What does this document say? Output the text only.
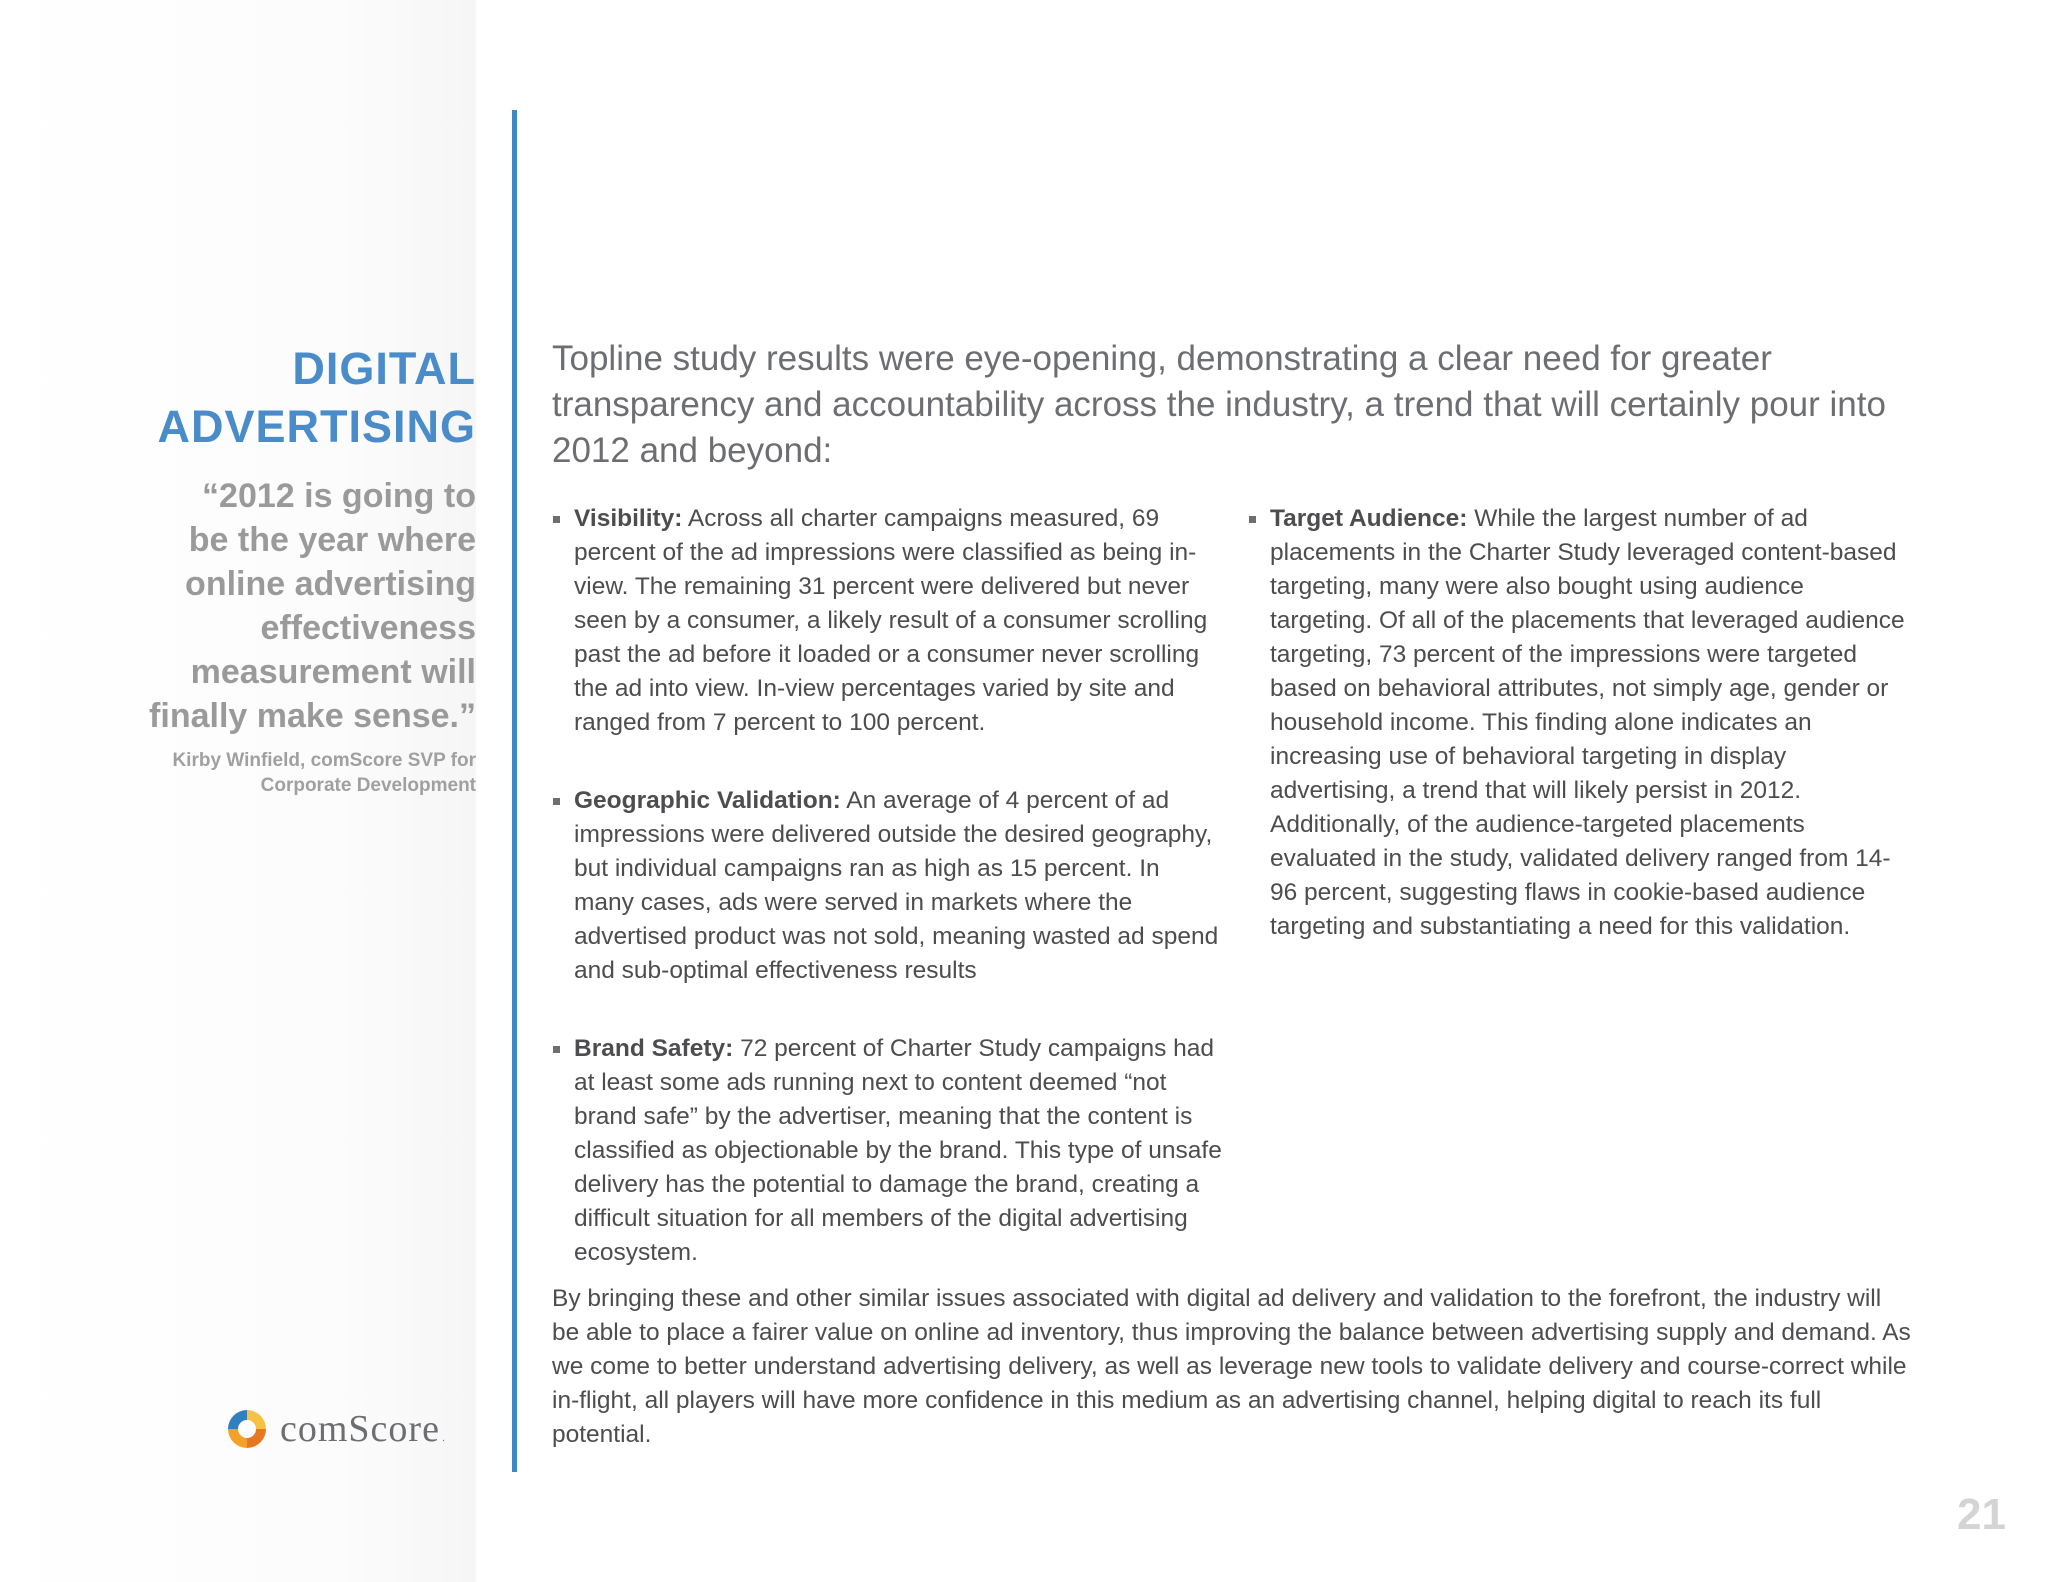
DIGITAL
ADVERTISING
“2012 is going to
be the year where
online advertising
effectiveness
measurement will
finally make sense.”
Kirby Winfield, comScore SVP for
Corporate Development
comScore .
Topline study results were eye-opening, demonstrating a clear need for greater transparency and accountability across the industry, a trend that will certainly pour into 2012 and beyond:
Visibility: Across all charter campaigns measured, 69 percent of the ad impressions were classified as being in-view. The remaining 31 percent were delivered but never seen by a consumer, a likely result of a consumer scrolling past the ad before it loaded or a consumer never scrolling the ad into view. In-view percentages varied by site and ranged from 7 percent to 100 percent.
Geographic Validation: An average of 4 percent of ad impressions were delivered outside the desired geography, but individual campaigns ran as high as 15 percent. In many cases, ads were served in markets where the advertised product was not sold, meaning wasted ad spend and sub-optimal effectiveness results
Brand Safety: 72 percent of Charter Study campaigns had at least some ads running next to content deemed “not brand safe” by the advertiser, meaning that the content is classified as objectionable by the brand. This type of unsafe delivery has the potential to damage the brand, creating a difficult situation for all members of the digital advertising ecosystem.
Target Audience: While the largest number of ad placements in the Charter Study leveraged content-based targeting, many were also bought using audience targeting. Of all of the placements that leveraged audience targeting, 73 percent of the impressions were targeted based on behavioral attributes, not simply age, gender or household income. This finding alone indicates an increasing use of behavioral targeting in display advertising, a trend that will likely persist in 2012. Additionally, of the audience-targeted placements evaluated in the study, validated delivery ranged from 14-96 percent, suggesting flaws in cookie-based audience targeting and substantiating a need for this validation.
By bringing these and other similar issues associated with digital ad delivery and validation to the forefront, the industry will be able to place a fairer value on online ad inventory, thus improving the balance between advertising supply and demand. As we come to better understand advertising delivery, as well as leverage new tools to validate delivery and course-correct while in-flight, all players will have more confidence in this medium as an advertising channel, helping digital to reach its full potential.
21
